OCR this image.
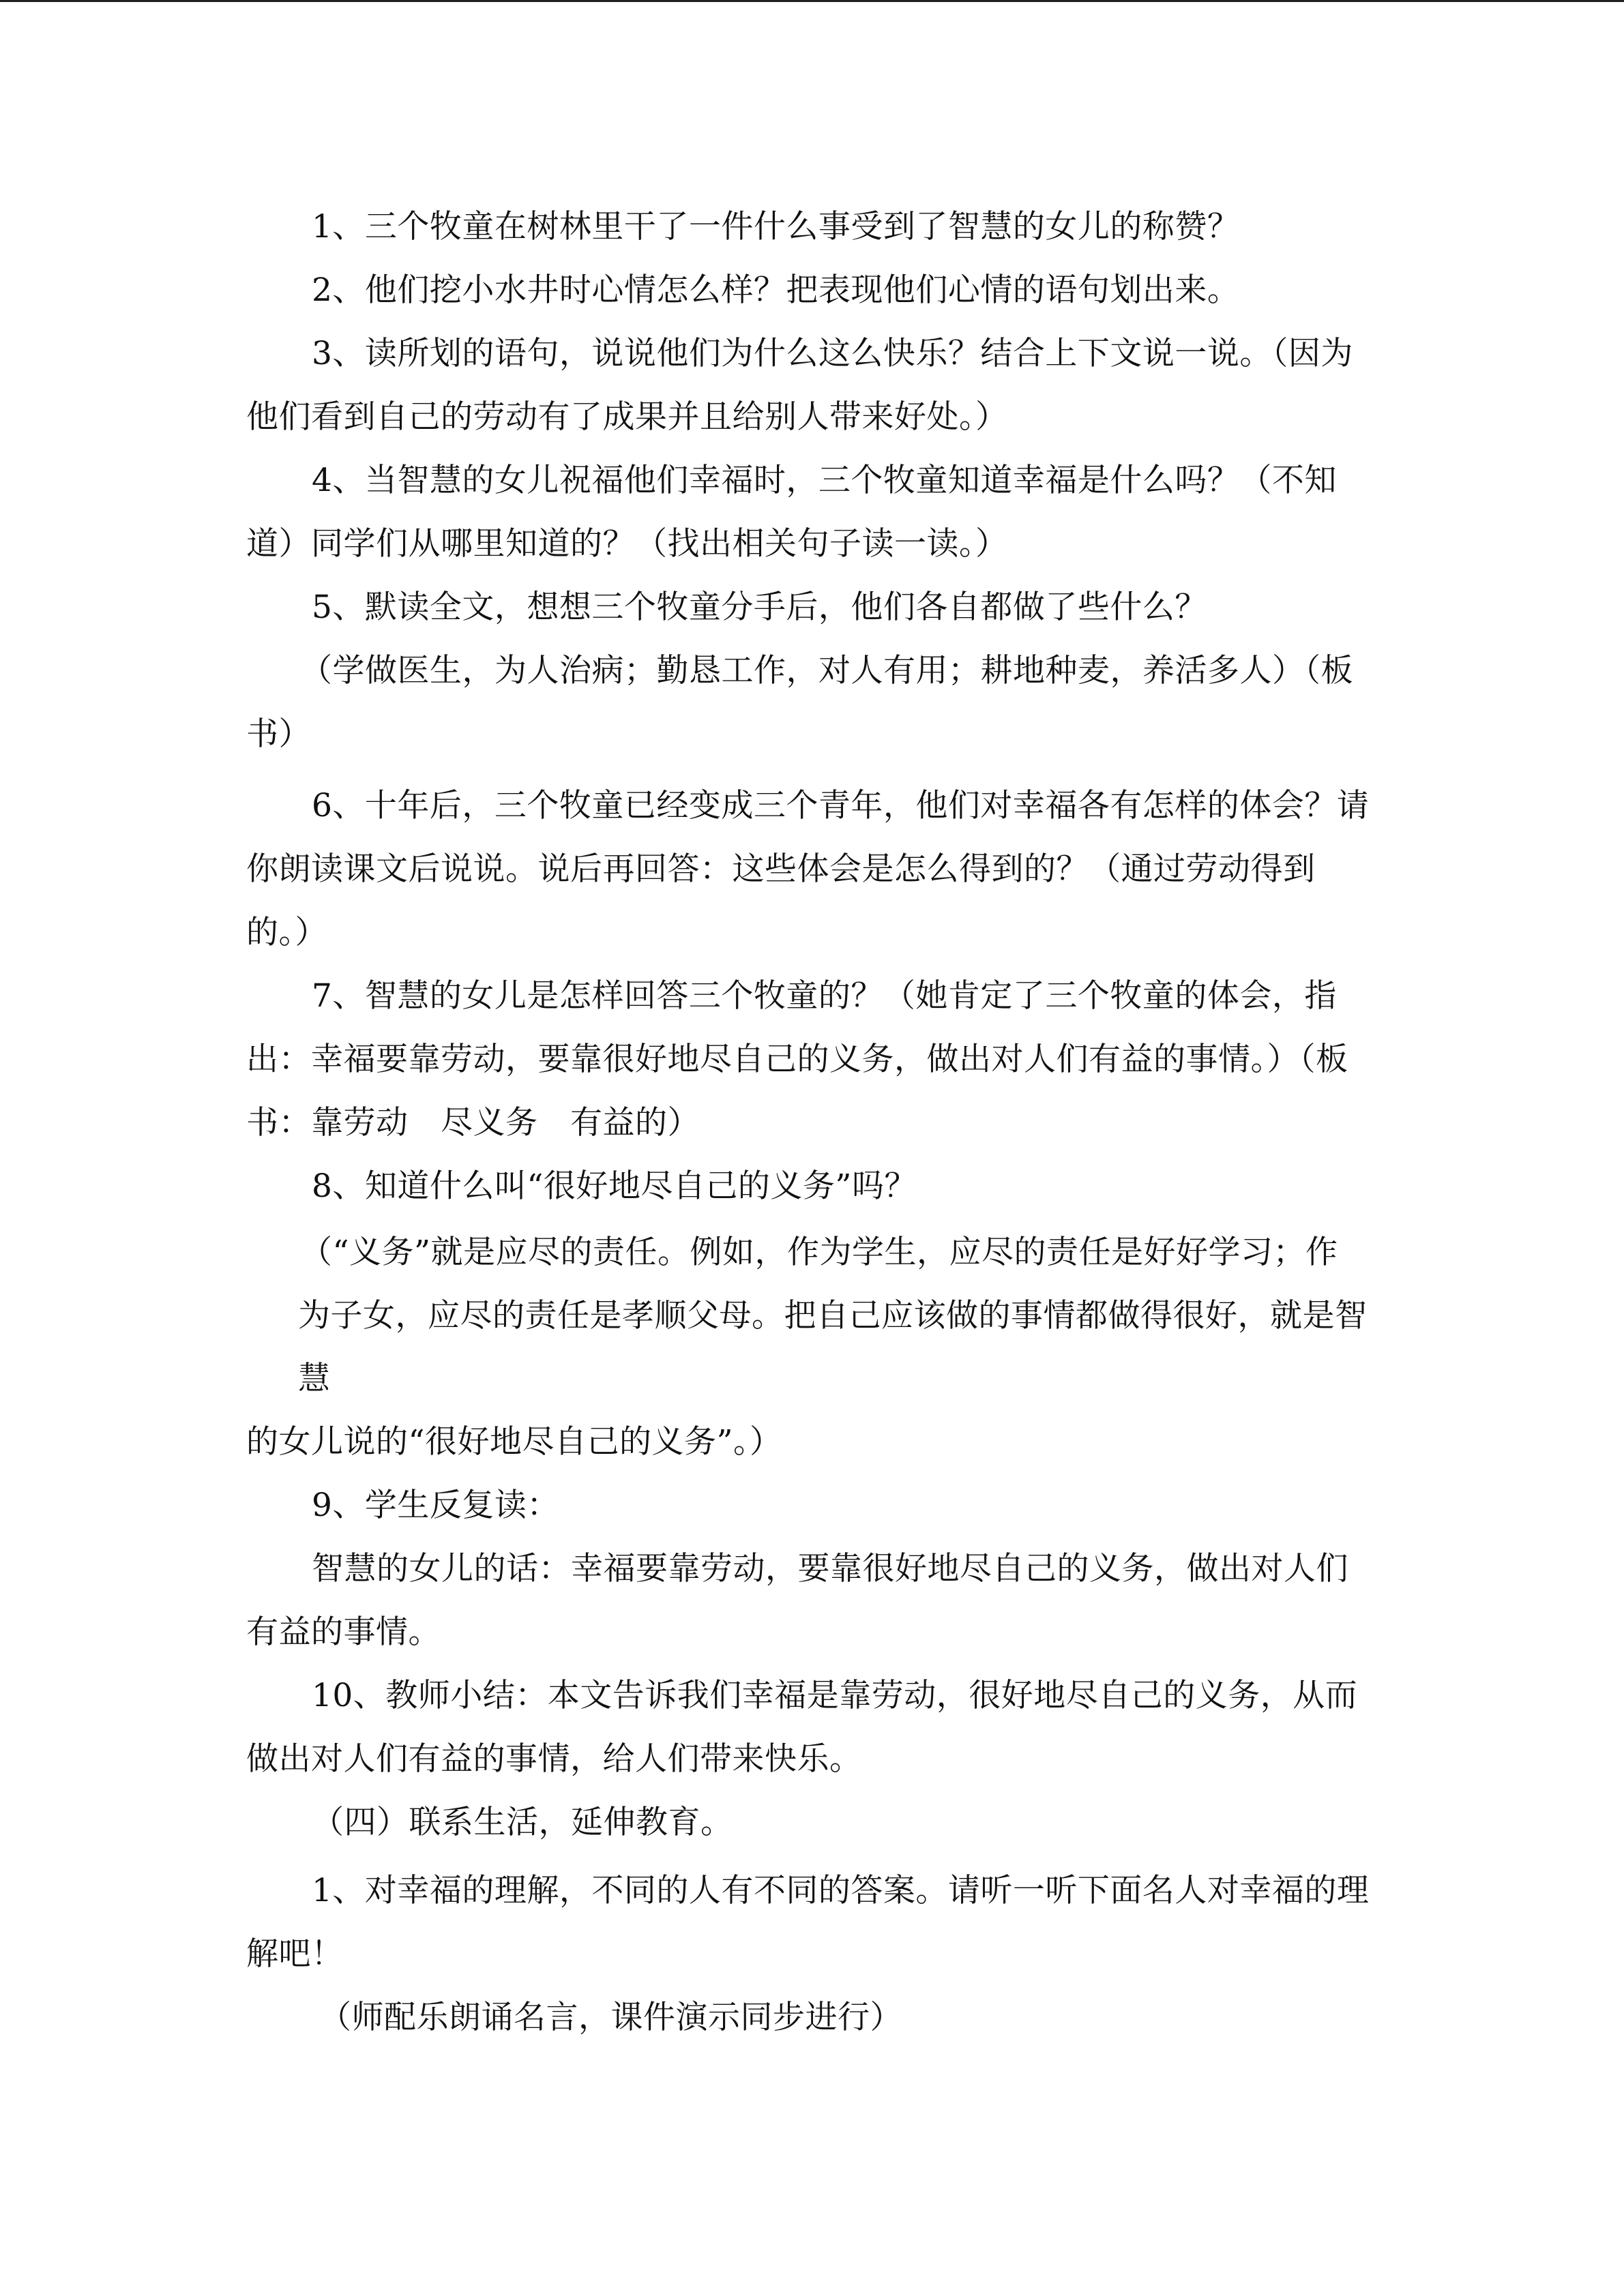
1、三个牧童在树林里干了一件什么事受到了智慧的女儿的称赞？
2、他们挖小水井时心情怎么样？把表现他们心情的语句划出来。
3、读所划的语句，说说他们为什么这么快乐？结合上下文说一说。（因为
他们看到自己的劳动有了成果并且给别人带来好处。）
4、当智慧的女儿祝福他们幸福时，三个牧童知道幸福是什么吗？（不知
道）同学们从哪里知道的？（找出相关句子读一读。）
5、默读全文，想想三个牧童分手后，他们各自都做了些什么？
（学做医生，为人治病；勤恳工作，对人有用；耕地种麦，养活多人）（板
书）
6、十年后，三个牧童已经变成三个青年，他们对幸福各有怎样的体会？请
你朗读课文后说说。说后再回答：这些体会是怎么得到的？（通过劳动得到
的。）
7、智慧的女儿是怎样回答三个牧童的？（她肯定了三个牧童的体会，指
出：幸福要靠劳动，要靠很好地尽自己的义务，做出对人们有益的事情。）（板
书：靠劳动　尽义务　有益的）
8、知道什么叫“很好地尽自己的义务”吗？
（“义务”就是应尽的责任。例如，作为学生，应尽的责任是好好学习；作
为子女，应尽的责任是孝顺父母。把自己应该做的事情都做得很好，就是智
慧
的女儿说的“很好地尽自己的义务”。）
9、学生反复读：
智慧的女儿的话：幸福要靠劳动，要靠很好地尽自己的义务，做出对人们
有益的事情。
10、教师小结：本文告诉我们幸福是靠劳动，很好地尽自己的义务，从而
做出对人们有益的事情，给人们带来快乐。
（四）联系生活，延伸教育。
1、对幸福的理解，不同的人有不同的答案。请听一听下面名人对幸福的理
解吧！
（师配乐朗诵名言，课件演示同步进行）
